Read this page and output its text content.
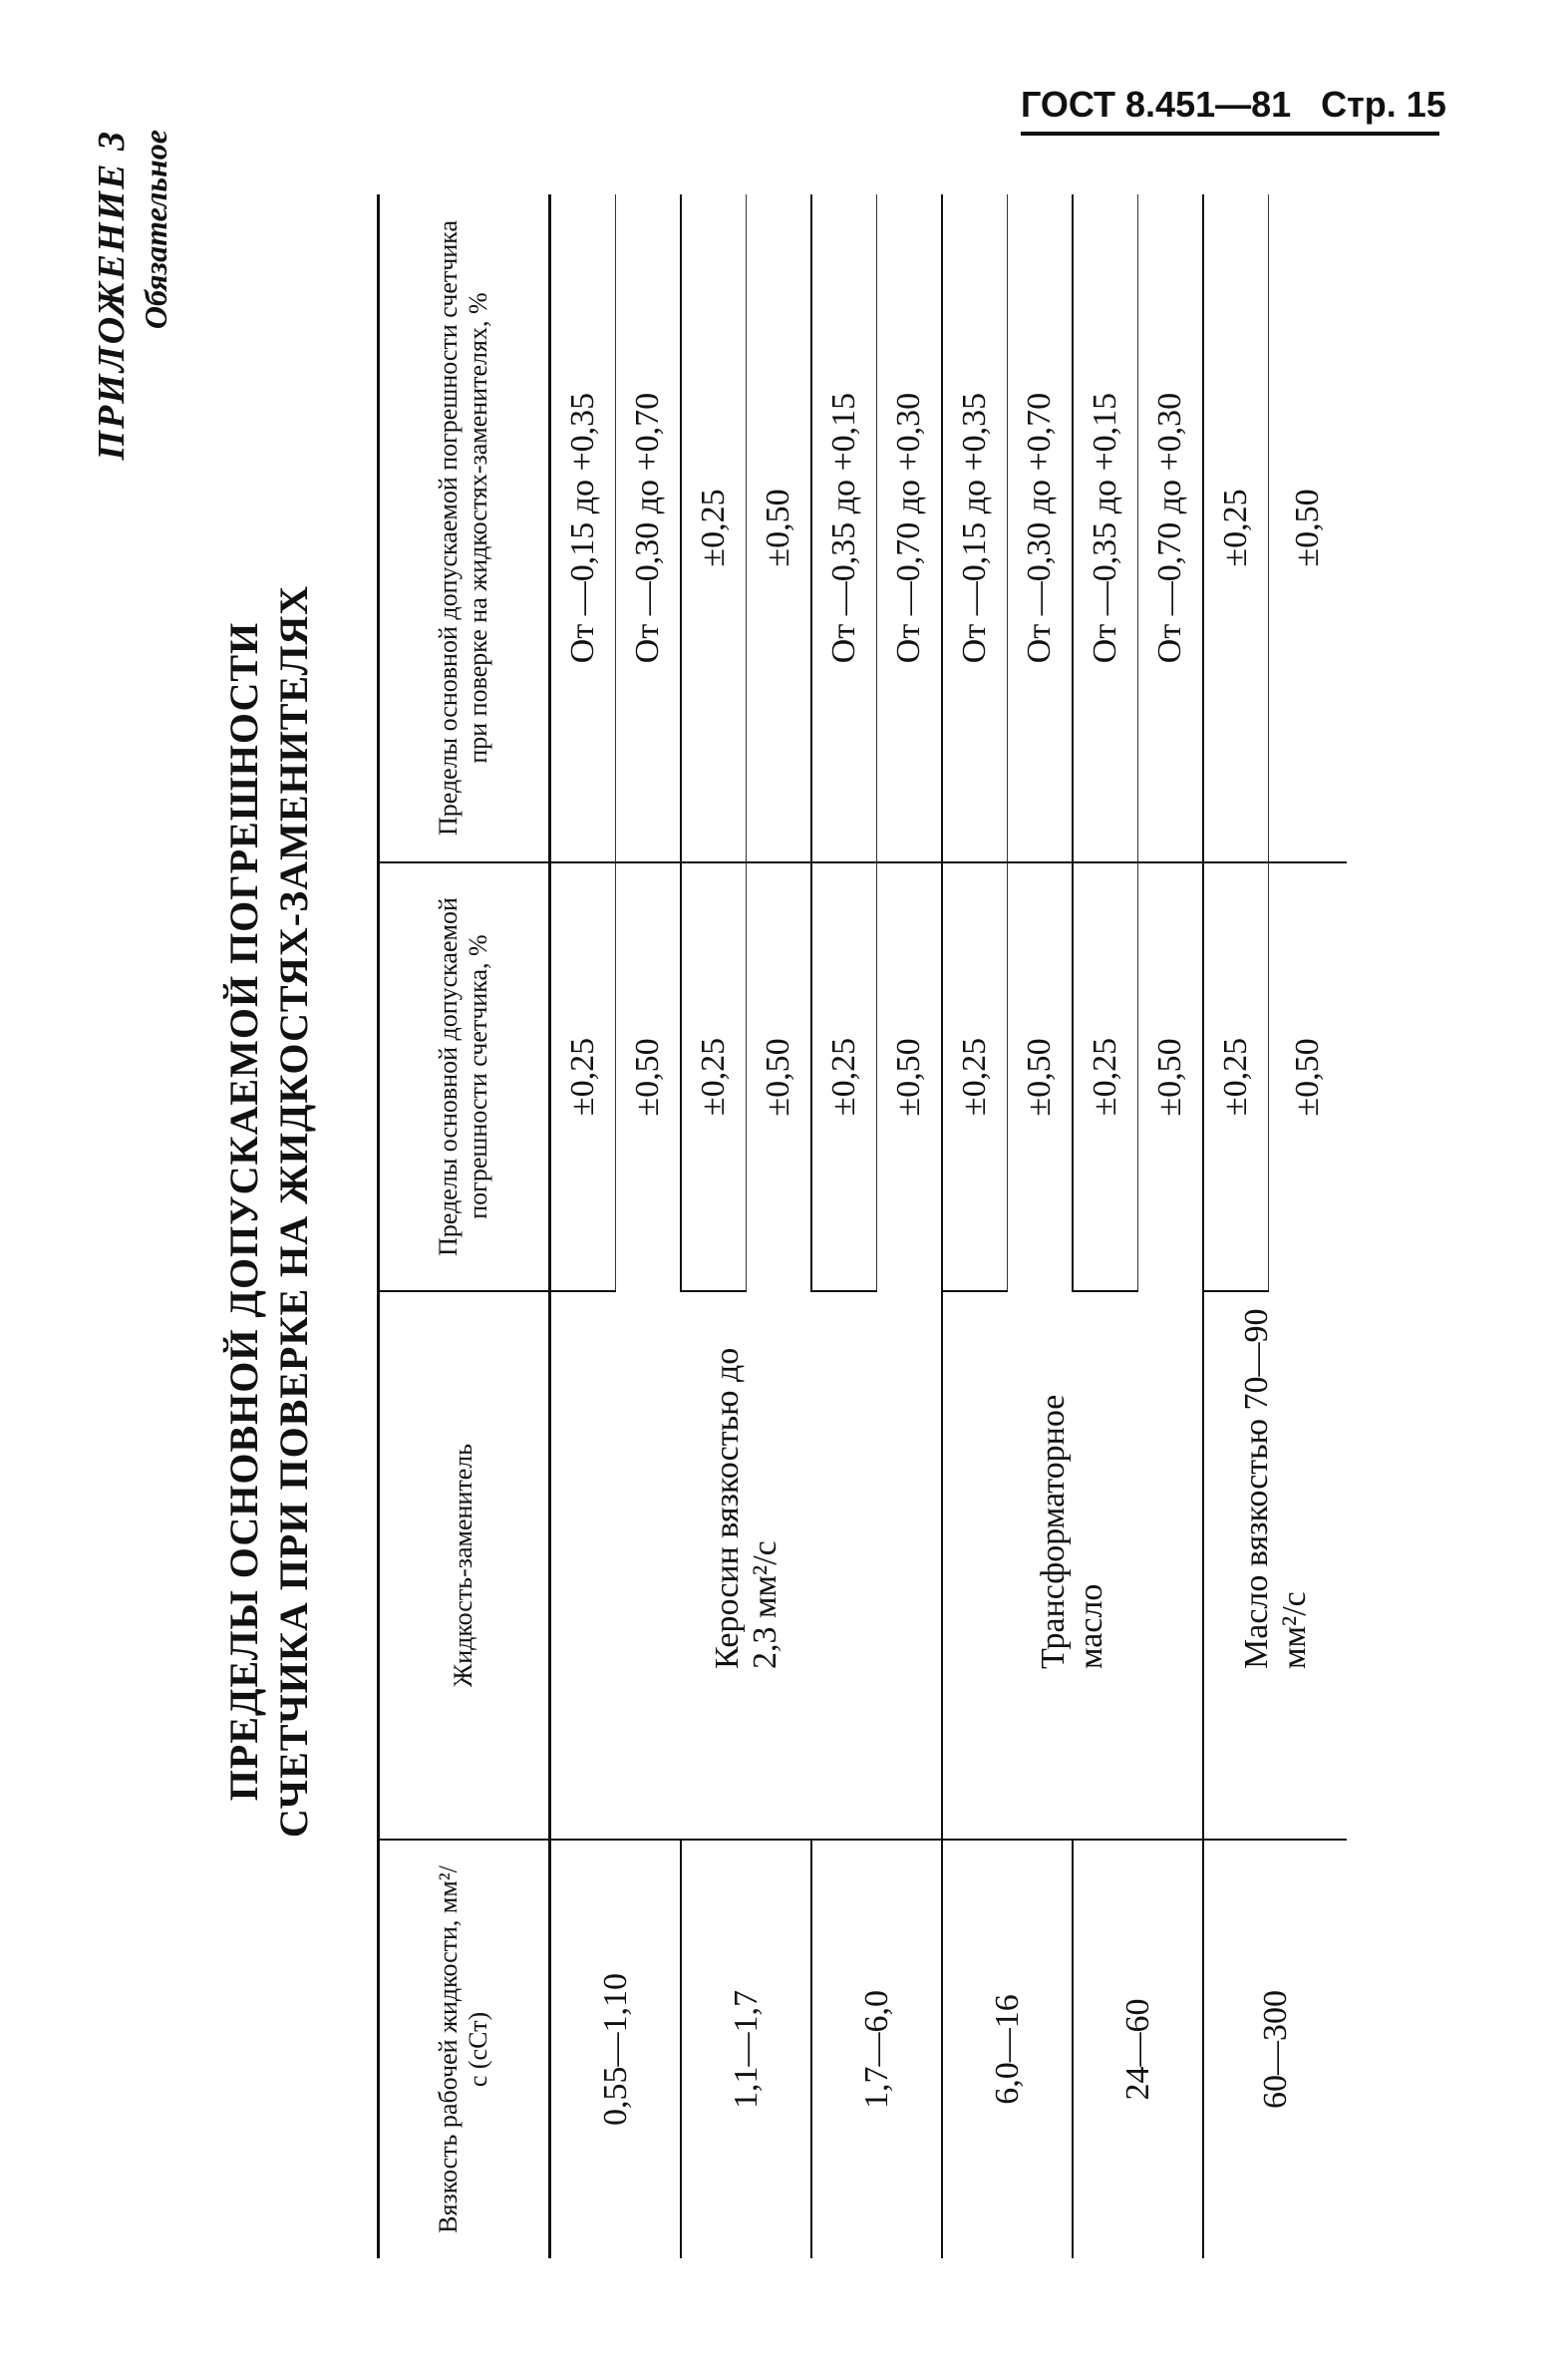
ГОСТ 8.451—81 Стр. 15
ПРИЛОЖЕНИЕ 3 Обязательное
ПРЕДЕЛЫ ОСНОВНОЙ ДОПУСКАЕМОЙ ПОГРЕШНОСТИ СЧЕТЧИКА ПРИ ПОВЕРКЕ НА ЖИДКОСТЯХ-ЗАМЕНИТЕЛЯХ
Вязкость рабочей жидкости, мм²/с (сСт)	Жидкость-заменитель	Пределы основной допускаемой погрешности счетчика, %	Пределы основной допускаемой погрешности счетчика при поверке на жидкостях-заменителях, %
0,55—1,10	Керосин вязкостью до 2,3 мм²/с	±0,25	От —0,15 до +0,35
		±0,50	От —0,30 до +0,70
1,1—1,7		±0,25	±0,25
		±0,50	±0,50
1,7—6,0		±0,25	От —0,35 до +0,15
		±0,50	От —0,70 до +0,30
6,0—16	Трансформаторное масло	±0,25	От —0,15 до +0,35
		±0,50	От —0,30 до +0,70
24—60		±0,25	От —0,35 до +0,15
		±0,50	От —0,70 до +0,30
60—300	Масло вязкостью 70—90 мм²/с	±0,25	±0,25
		±0,50	±0,50
